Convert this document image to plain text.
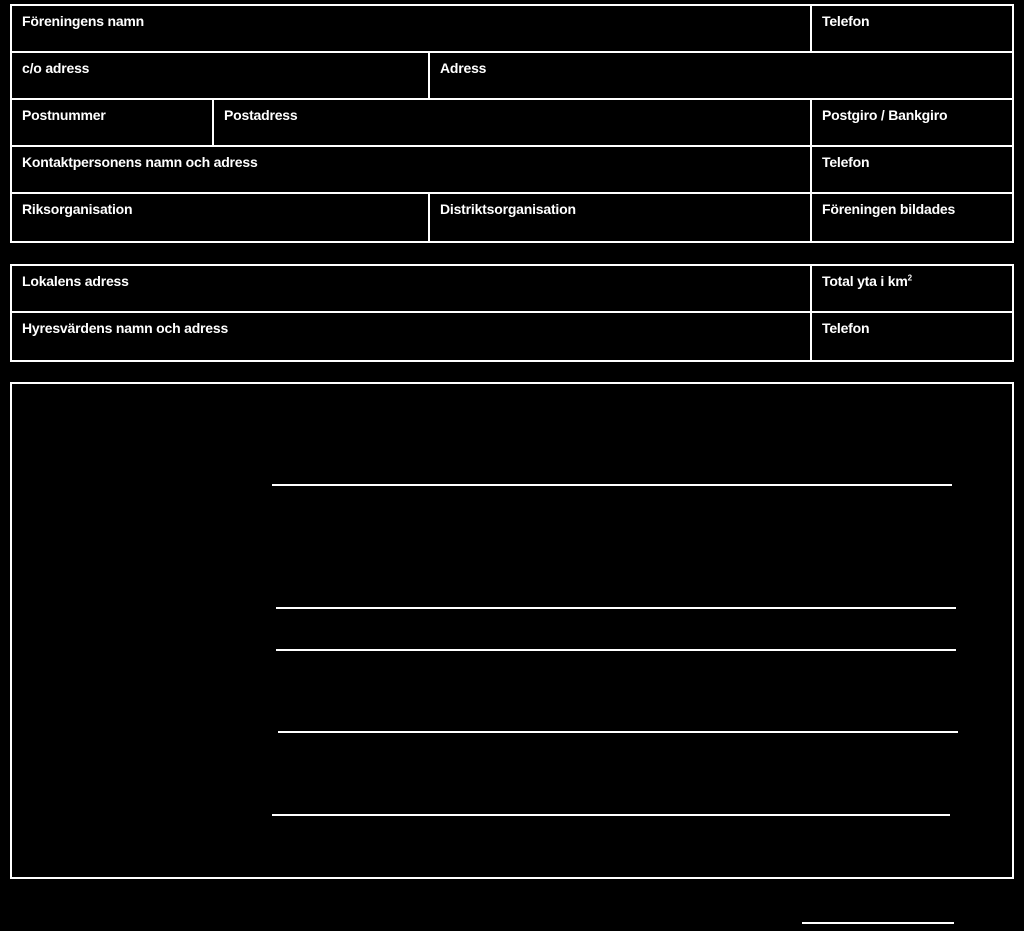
Föreningens namn	Telefon
c/o adress	Adress
Postnummer	Postadress	Postgiro / Bankgiro
Kontaktpersonens namn och adress	Telefon
Riksorganisation	Distriktsorganisation	Föreningen bildades
Lokalens adress	Total yta i $km^2$
Hyresvärdens namn och adress	Telefon
